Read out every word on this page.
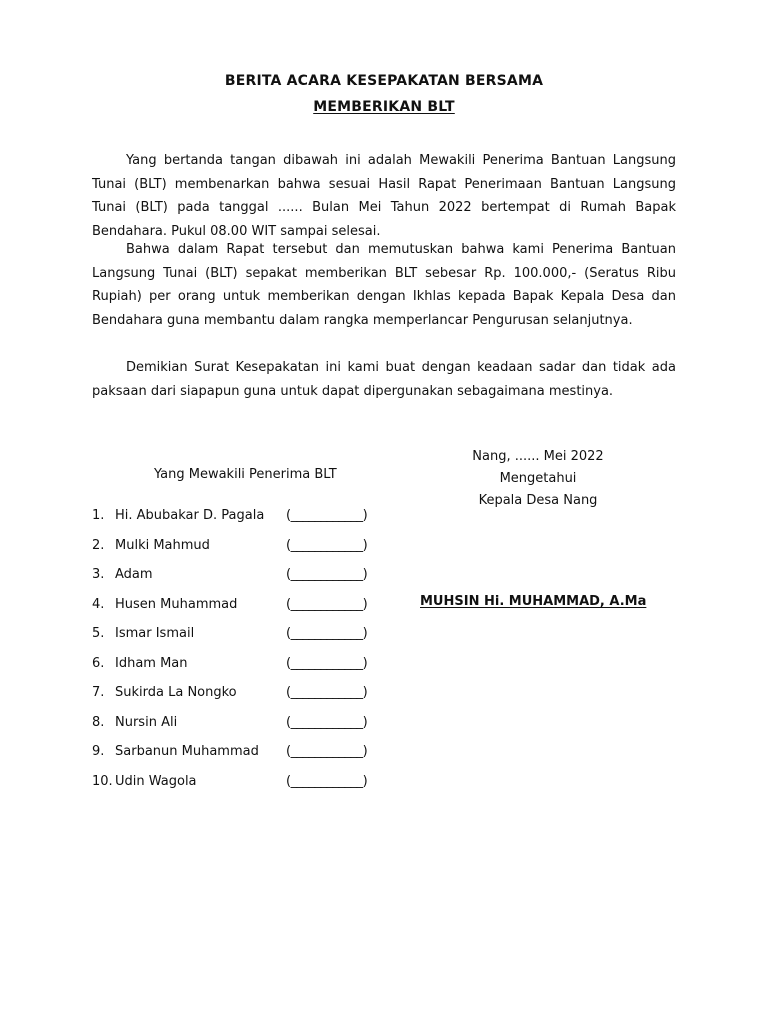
BERITA ACARA KESEPAKATAN BERSAMA
MEMBERIKAN BLT

Yang bertanda tangan dibawah ini adalah Mewakili Penerima Bantuan Langsung Tunai (BLT) membenarkan bahwa sesuai Hasil Rapat Penerimaan Bantuan Langsung Tunai (BLT) pada tanggal ...... Bulan Mei Tahun 2022 bertempat di Rumah Bapak Bendahara. Pukul 08.00 WIT sampai selesai.

Bahwa dalam Rapat tersebut dan memutuskan bahwa kami Penerima Bantuan Langsung Tunai (BLT) sepakat memberikan BLT sebesar Rp. 100.000,- (Seratus Ribu Rupiah) per orang untuk memberikan dengan Ikhlas kepada Bapak Kepala Desa dan Bendahara guna membantu dalam rangka memperlancar Pengurusan selanjutnya.

Demikian Surat Kesepakatan ini kami buat dengan keadaan sadar dan tidak ada paksaan dari siapapun guna untuk dapat dipergunakan sebagaimana mestinya.

Yang Mewakili Penerima BLT
1. Hi. Abubakar D. Pagala (____________)
2. Mulki Mahmud	(____________)
3. Adam	(____________)
4. Husen Muhammad	(____________)
5. Ismar Ismail	(____________)
6. Idham Man	(____________)
7. Sukirda La Nongko	(____________)
8. Nursin Ali	(____________)
9. Sarbanun Muhammad (____________)
10. Udin Wagola	(____________)
Nang, ...... Mei 2022
Mengetahui
Kepala Desa Nang
MUHSIN Hi. MUHAMMAD, A.Ma
